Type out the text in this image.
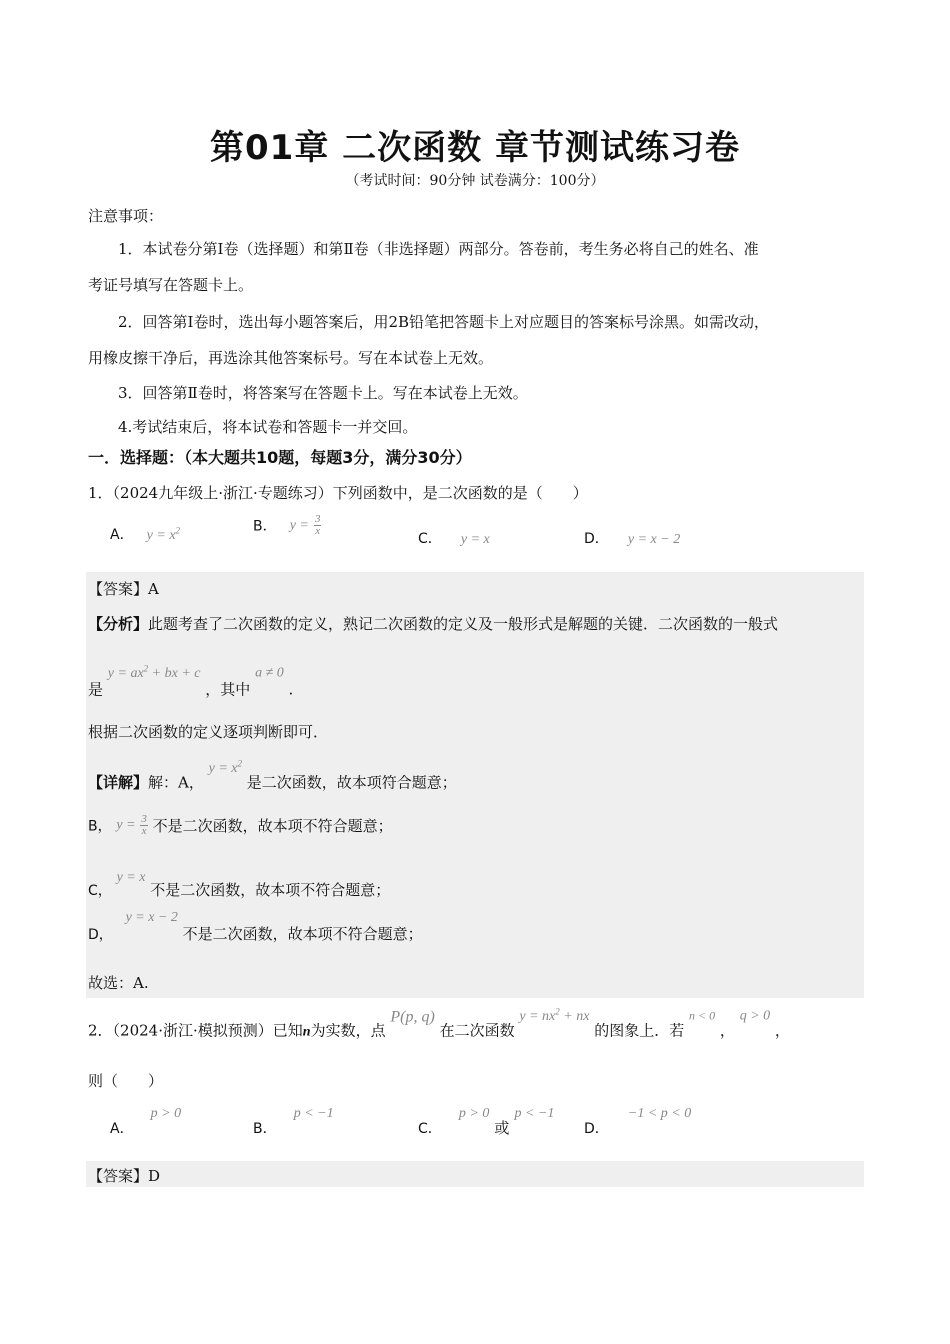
第01章 二次函数 章节测试练习卷
（考试时间：90分钟 试卷满分：100分）
注意事项：
1．本试卷分第Ⅰ卷（选择题）和第Ⅱ卷（非选择题）两部分。答卷前，考生务必将自己的姓名、准
考证号填写在答题卡上。
2．回答第Ⅰ卷时，选出每小题答案后，用2B铅笔把答题卡上对应题目的答案标号涂黑。如需改动，
用橡皮擦干净后，再选涂其他答案标号。写在本试卷上无效。
3．回答第Ⅱ卷时，将答案写在答题卡上。写在本试卷上无效。
4.考试结束后，将本试卷和答题卡一并交回。
一．选择题：（本大题共10题，每题3分，满分30分）
1．（2024九年级上·浙江·专题练习）下列函数中，是二次函数的是（　　）
A． $y = x^2$	B． $y = \frac{3}{x}$
C． y = x	D． y = x − 2
【答案】A
【分析】此题考查了二次函数的定义，熟记二次函数的定义及一般形式是解题的关键．二次函数的一般式
是 $y = ax^2$ + bx + c ，其中 a ≠ 0 .
根据二次函数的定义逐项判断即可．
【详解】解：A， $y = x^2$ 是二次函数，故本项符合题意；
B， $y = \frac{3}{x}$ 不是二次函数，故本项不符合题意；
C， y = x 不是二次函数，故本项不符合题意；
D， y = x − 2 不是二次函数，故本项不符合题意；
故选：A.
2．（2024·浙江·模拟预测）已知n为实数，点 P(p, q) 在二次函数 $y = nx^2$ + nx 的图象上．若 n < 0 ， q > 0 ，
则（　　）
A． p > 0
B． p < −1
C． p > 0 或 p < −1
D． −1 < p < 0
【答案】D
